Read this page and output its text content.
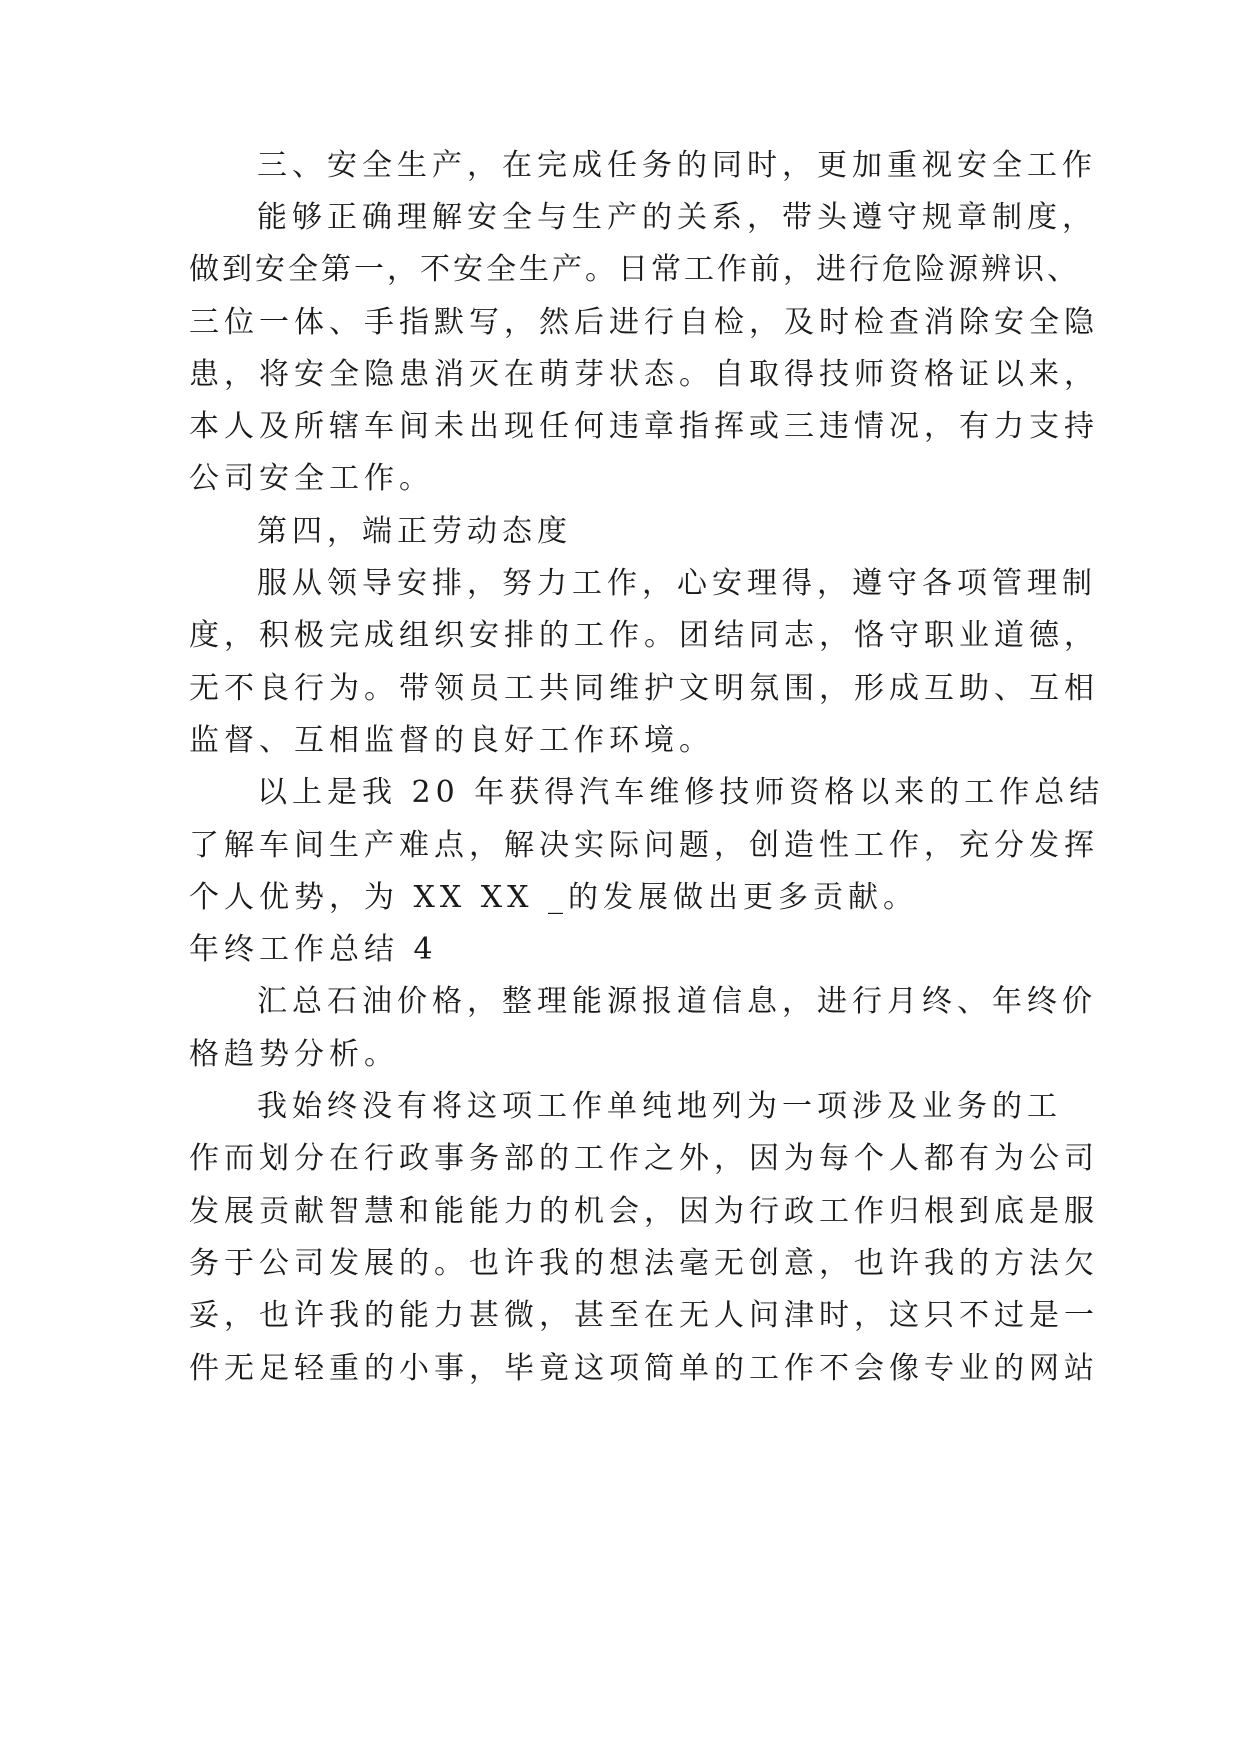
三、安全生产，在完成任务的同时，更加重视安全工作
能够正确理解安全与生产的关系，带头遵守规章制度，
做到安全第一，不安全生产。日常工作前，进行危险源辨识、
三位一体、手指默写，然后进行自检，及时检查消除安全隐
患，将安全隐患消灭在萌芽状态。自取得技师资格证以来，
本人及所辖车间未出现任何违章指挥或三违情况，有力支持
公司安全工作。
第四，端正劳动态度
服从领导安排，努力工作，心安理得，遵守各项管理制
度，积极完成组织安排的工作。团结同志，恪守职业道德，
无不良行为。带领员工共同维护文明氛围，形成互助、互相
监督、互相监督的良好工作环境。
以上是我 20 年获得汽车维修技师资格以来的工作总结
了解车间生产难点，解决实际问题，创造性工作，充分发挥
个人优势，为 XX XX _的发展做出更多贡献。
年终工作总结 4
汇总石油价格，整理能源报道信息，进行月终、年终价
格趋势分析。
我始终没有将这项工作单纯地列为一项涉及业务的工
作而划分在行政事务部的工作之外，因为每个人都有为公司
发展贡献智慧和能能力的机会，因为行政工作归根到底是服
务于公司发展的。也许我的想法毫无创意，也许我的方法欠
妥，也许我的能力甚微，甚至在无人问津时，这只不过是一
件无足轻重的小事，毕竟这项简单的工作不会像专业的网站
